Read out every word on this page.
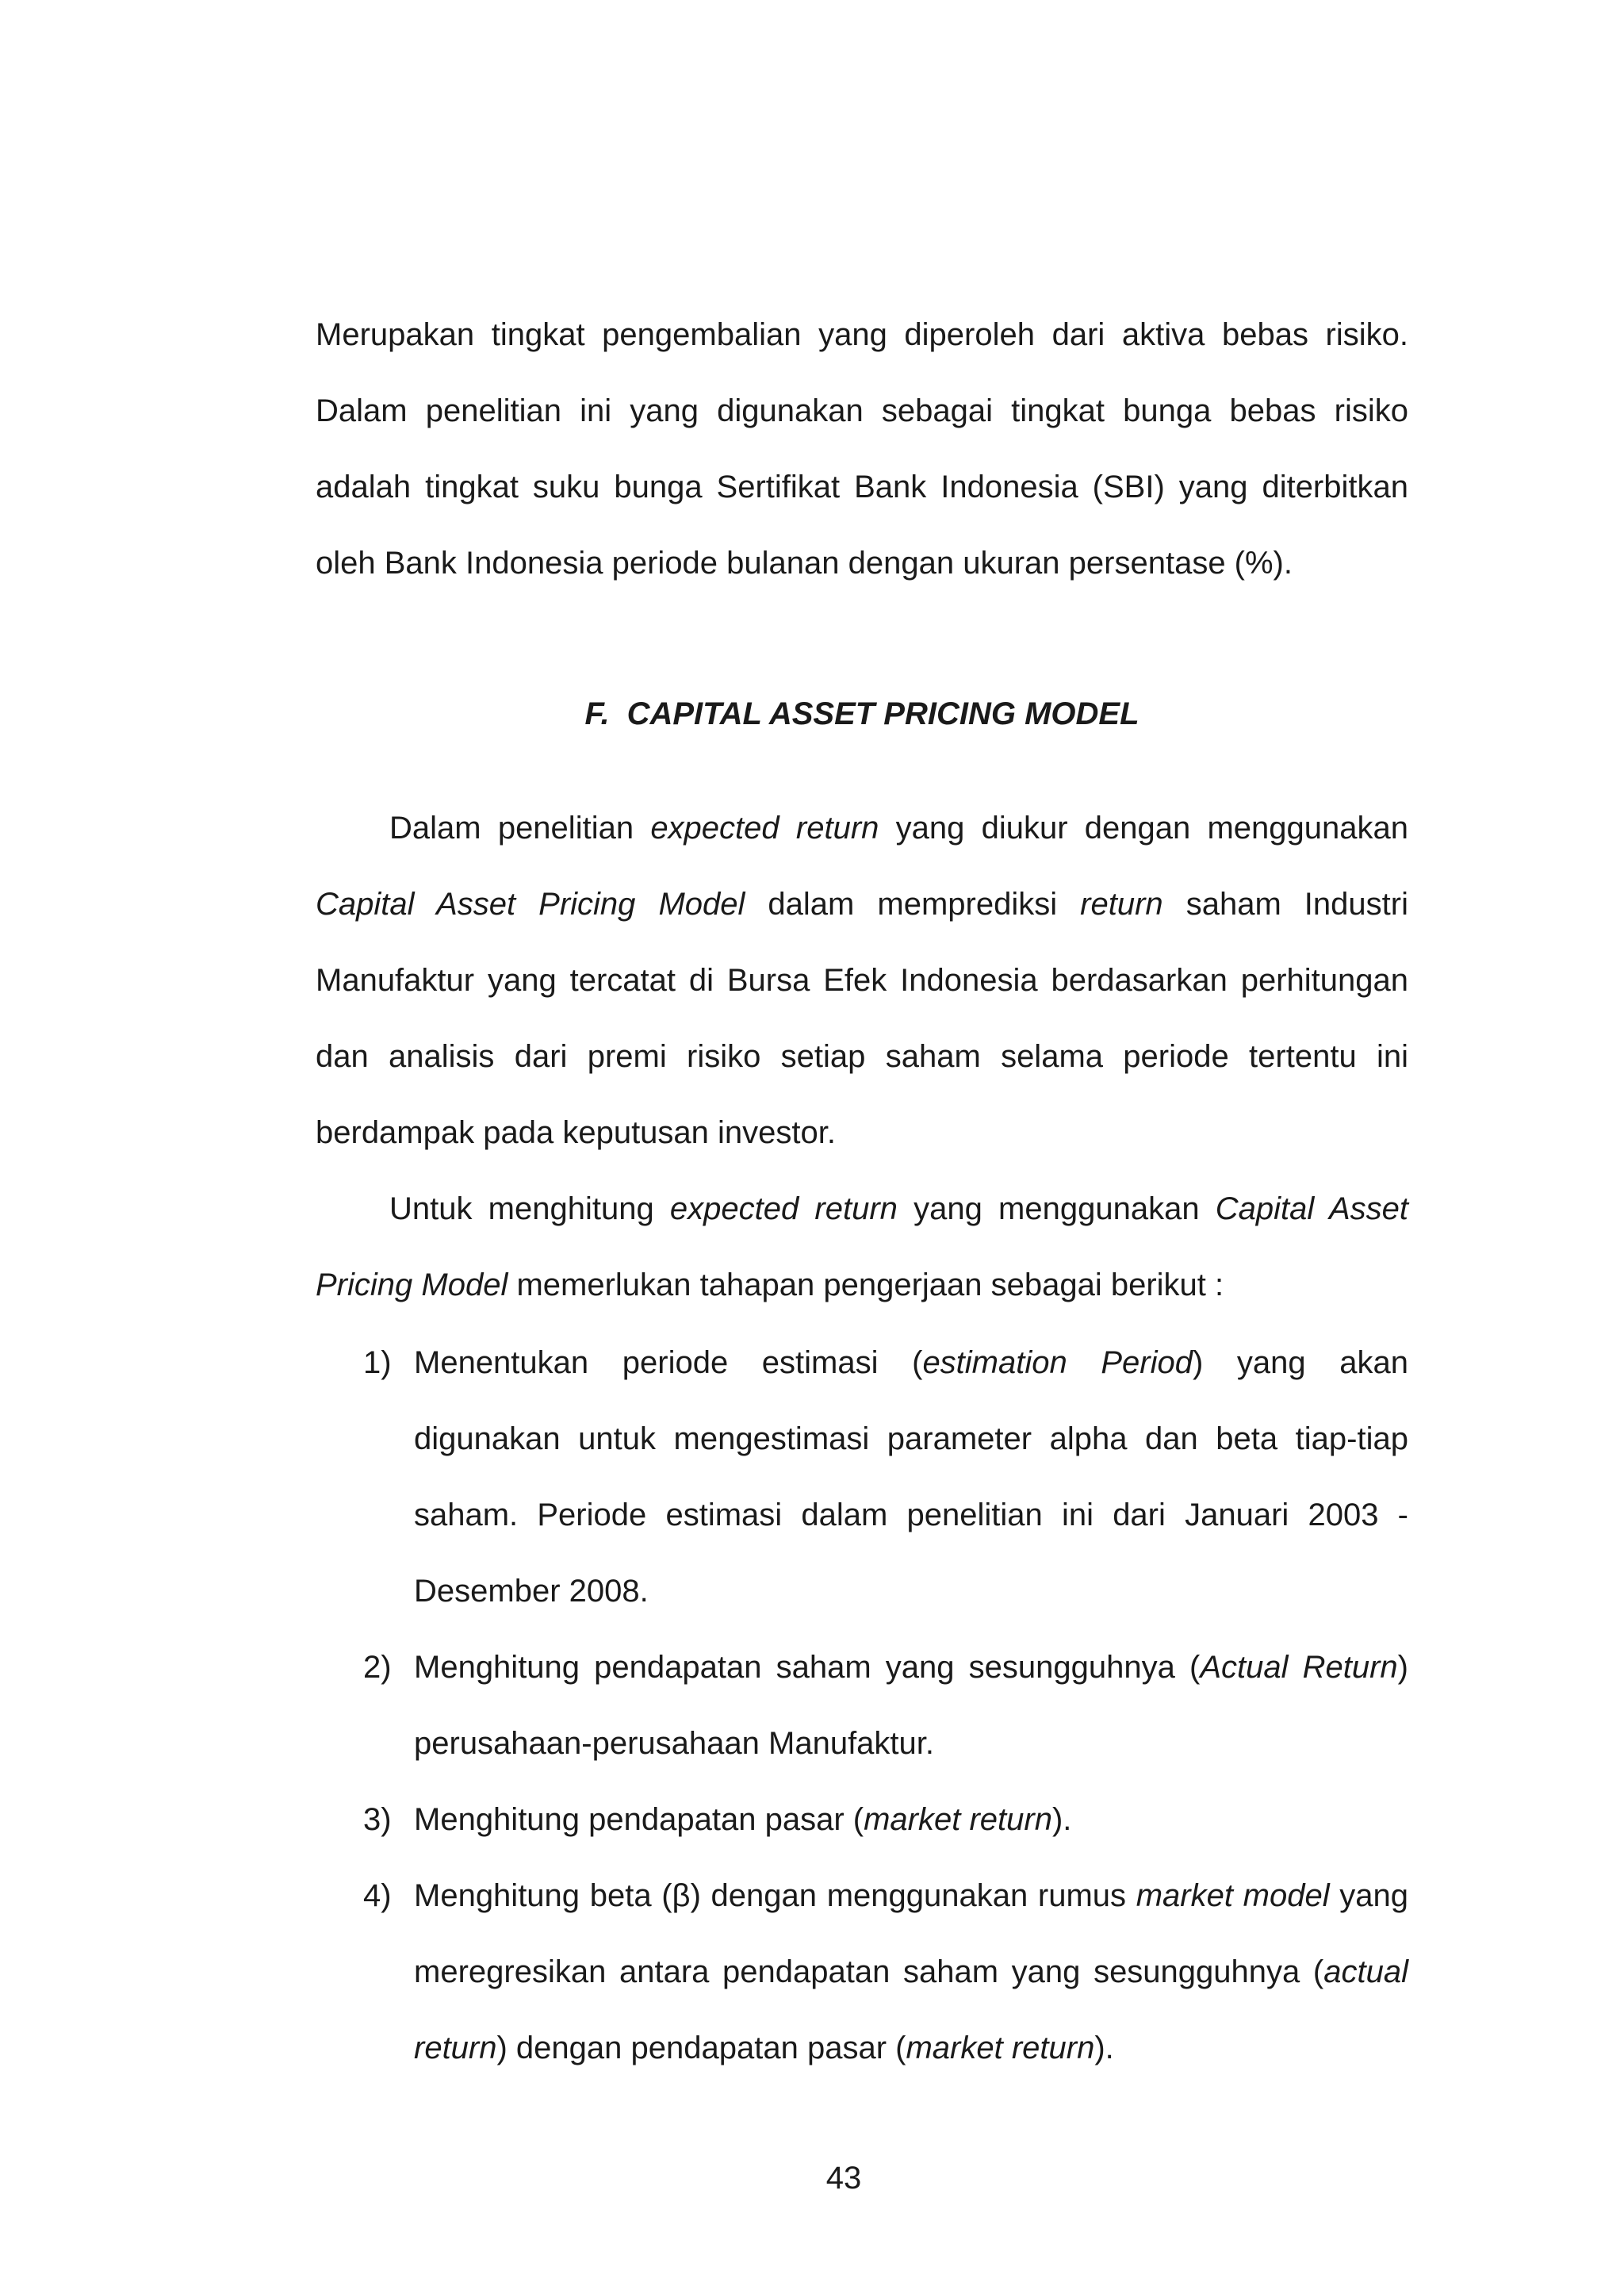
Merupakan tingkat pengembalian yang diperoleh dari aktiva bebas risiko. Dalam penelitian ini yang digunakan sebagai tingkat bunga bebas risiko adalah tingkat suku bunga Sertifikat Bank Indonesia (SBI) yang diterbitkan oleh Bank Indonesia periode bulanan dengan ukuran persentase (%).

F. CAPITAL ASSET PRICING MODEL

Dalam penelitian expected return yang diukur dengan menggunakan Capital Asset Pricing Model dalam memprediksi return saham Industri Manufaktur yang tercatat di Bursa Efek Indonesia berdasarkan perhitungan dan analisis dari premi risiko setiap saham selama periode tertentu ini berdampak pada keputusan investor.

Untuk menghitung expected return yang menggunakan Capital Asset Pricing Model memerlukan tahapan pengerjaan sebagai berikut :

1) Menentukan periode estimasi (estimation Period) yang akan digunakan untuk mengestimasi parameter alpha dan beta tiap-tiap saham. Periode estimasi dalam penelitian ini dari Januari 2003 - Desember 2008.
2) Menghitung pendapatan saham yang sesungguhnya (Actual Return) perusahaan-perusahaan Manufaktur.
3) Menghitung pendapatan pasar (market return).
4) Menghitung beta (β) dengan menggunakan rumus market model yang meregresikan antara pendapatan saham yang sesungguhnya (actual return) dengan pendapatan pasar (market return).
43
